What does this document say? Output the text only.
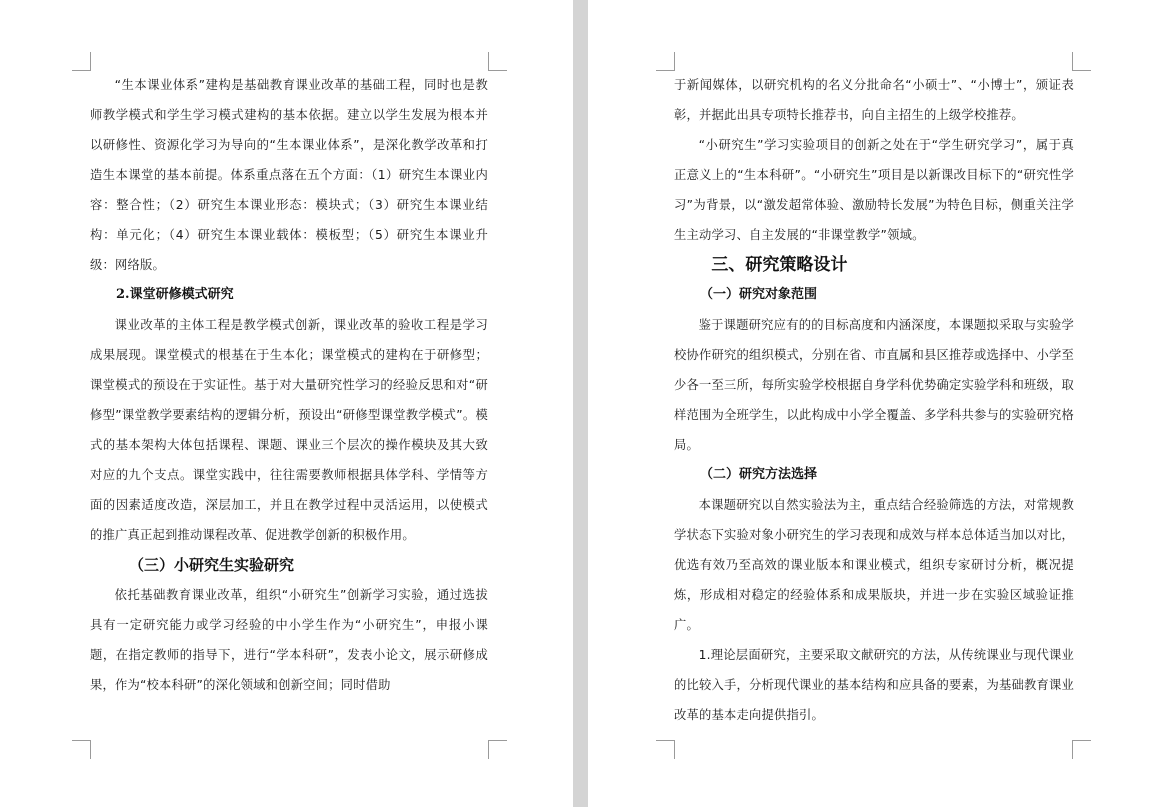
“生本课业体系”建构是基础教育课业改革的基础工程，同时也是教师教学模式和学生学习模式建构的基本依据。建立以学生发展为根本并以研修性、资源化学习为导向的“生本课业体系”，是深化教学改革和打造生本课堂的基本前提。体系重点落在五个方面：（1）研究生本课业内容：整合性；（2）研究生本课业形态：模块式；（3）研究生本课业结构：单元化；（4）研究生本课业载体：模板型；（5）研究生本课业升级：网络版。

2.课堂研修模式研究

课业改革的主体工程是教学模式创新，课业改革的验收工程是学习成果展现。课堂模式的根基在于生本化；课堂模式的建构在于研修型；课堂模式的预设在于实证性。基于对大量研究性学习的经验反思和对“研修型”课堂教学要素结构的逻辑分析，预设出“研修型课堂教学模式”。模式的基本架构大体包括课程、课题、课业三个层次的操作模块及其大致对应的九个支点。课堂实践中，往往需要教师根据具体学科、学情等方面的因素适度改造，深层加工，并且在教学过程中灵活运用，以使模式的推广真正起到推动课程改革、促进教学创新的积极作用。

（三）小研究生实验研究

依托基础教育课业改革，组织“小研究生”创新学习实验，通过选拔具有一定研究能力或学习经验的中小学生作为“小研究生”，申报小课题，在指定教师的指导下，进行“学本科研”，发表小论文，展示研修成果，作为“校本科研”的深化领域和创新空间；同时借助

于新闻媒体，以研究机构的名义分批命名“小硕士”、“小博士”，颁证表彰，并据此出具专项特长推荐书，向自主招生的上级学校推荐。

“小研究生”学习实验项目的创新之处在于“学生研究学习”，属于真正意义上的“生本科研”。“小研究生”项目是以新课改目标下的“研究性学习”为背景，以“激发超常体验、激励特长发展”为特色目标，侧重关注学生主动学习、自主发展的“非课堂教学”领域。

三、研究策略设计

（一）研究对象范围

鉴于课题研究应有的的目标高度和内涵深度，本课题拟采取与实验学校协作研究的组织模式，分别在省、市直属和县区推荐或选择中、小学至少各一至三所，每所实验学校根据自身学科优势确定实验学科和班级，取样范围为全班学生，以此构成中小学全覆盖、多学科共参与的实验研究格局。

（二）研究方法选择

本课题研究以自然实验法为主，重点结合经验筛选的方法，对常规教学状态下实验对象小研究生的学习表现和成效与样本总体适当加以对比，优选有效乃至高效的课业版本和课业模式，组织专家研讨分析，概况提炼，形成相对稳定的经验体系和成果版块，并进一步在实验区域验证推广。

1.理论层面研究，主要采取文献研究的方法，从传统课业与现代课业的比较入手，分析现代课业的基本结构和应具备的要素，为基础教育课业改革的基本走向提供指引。
